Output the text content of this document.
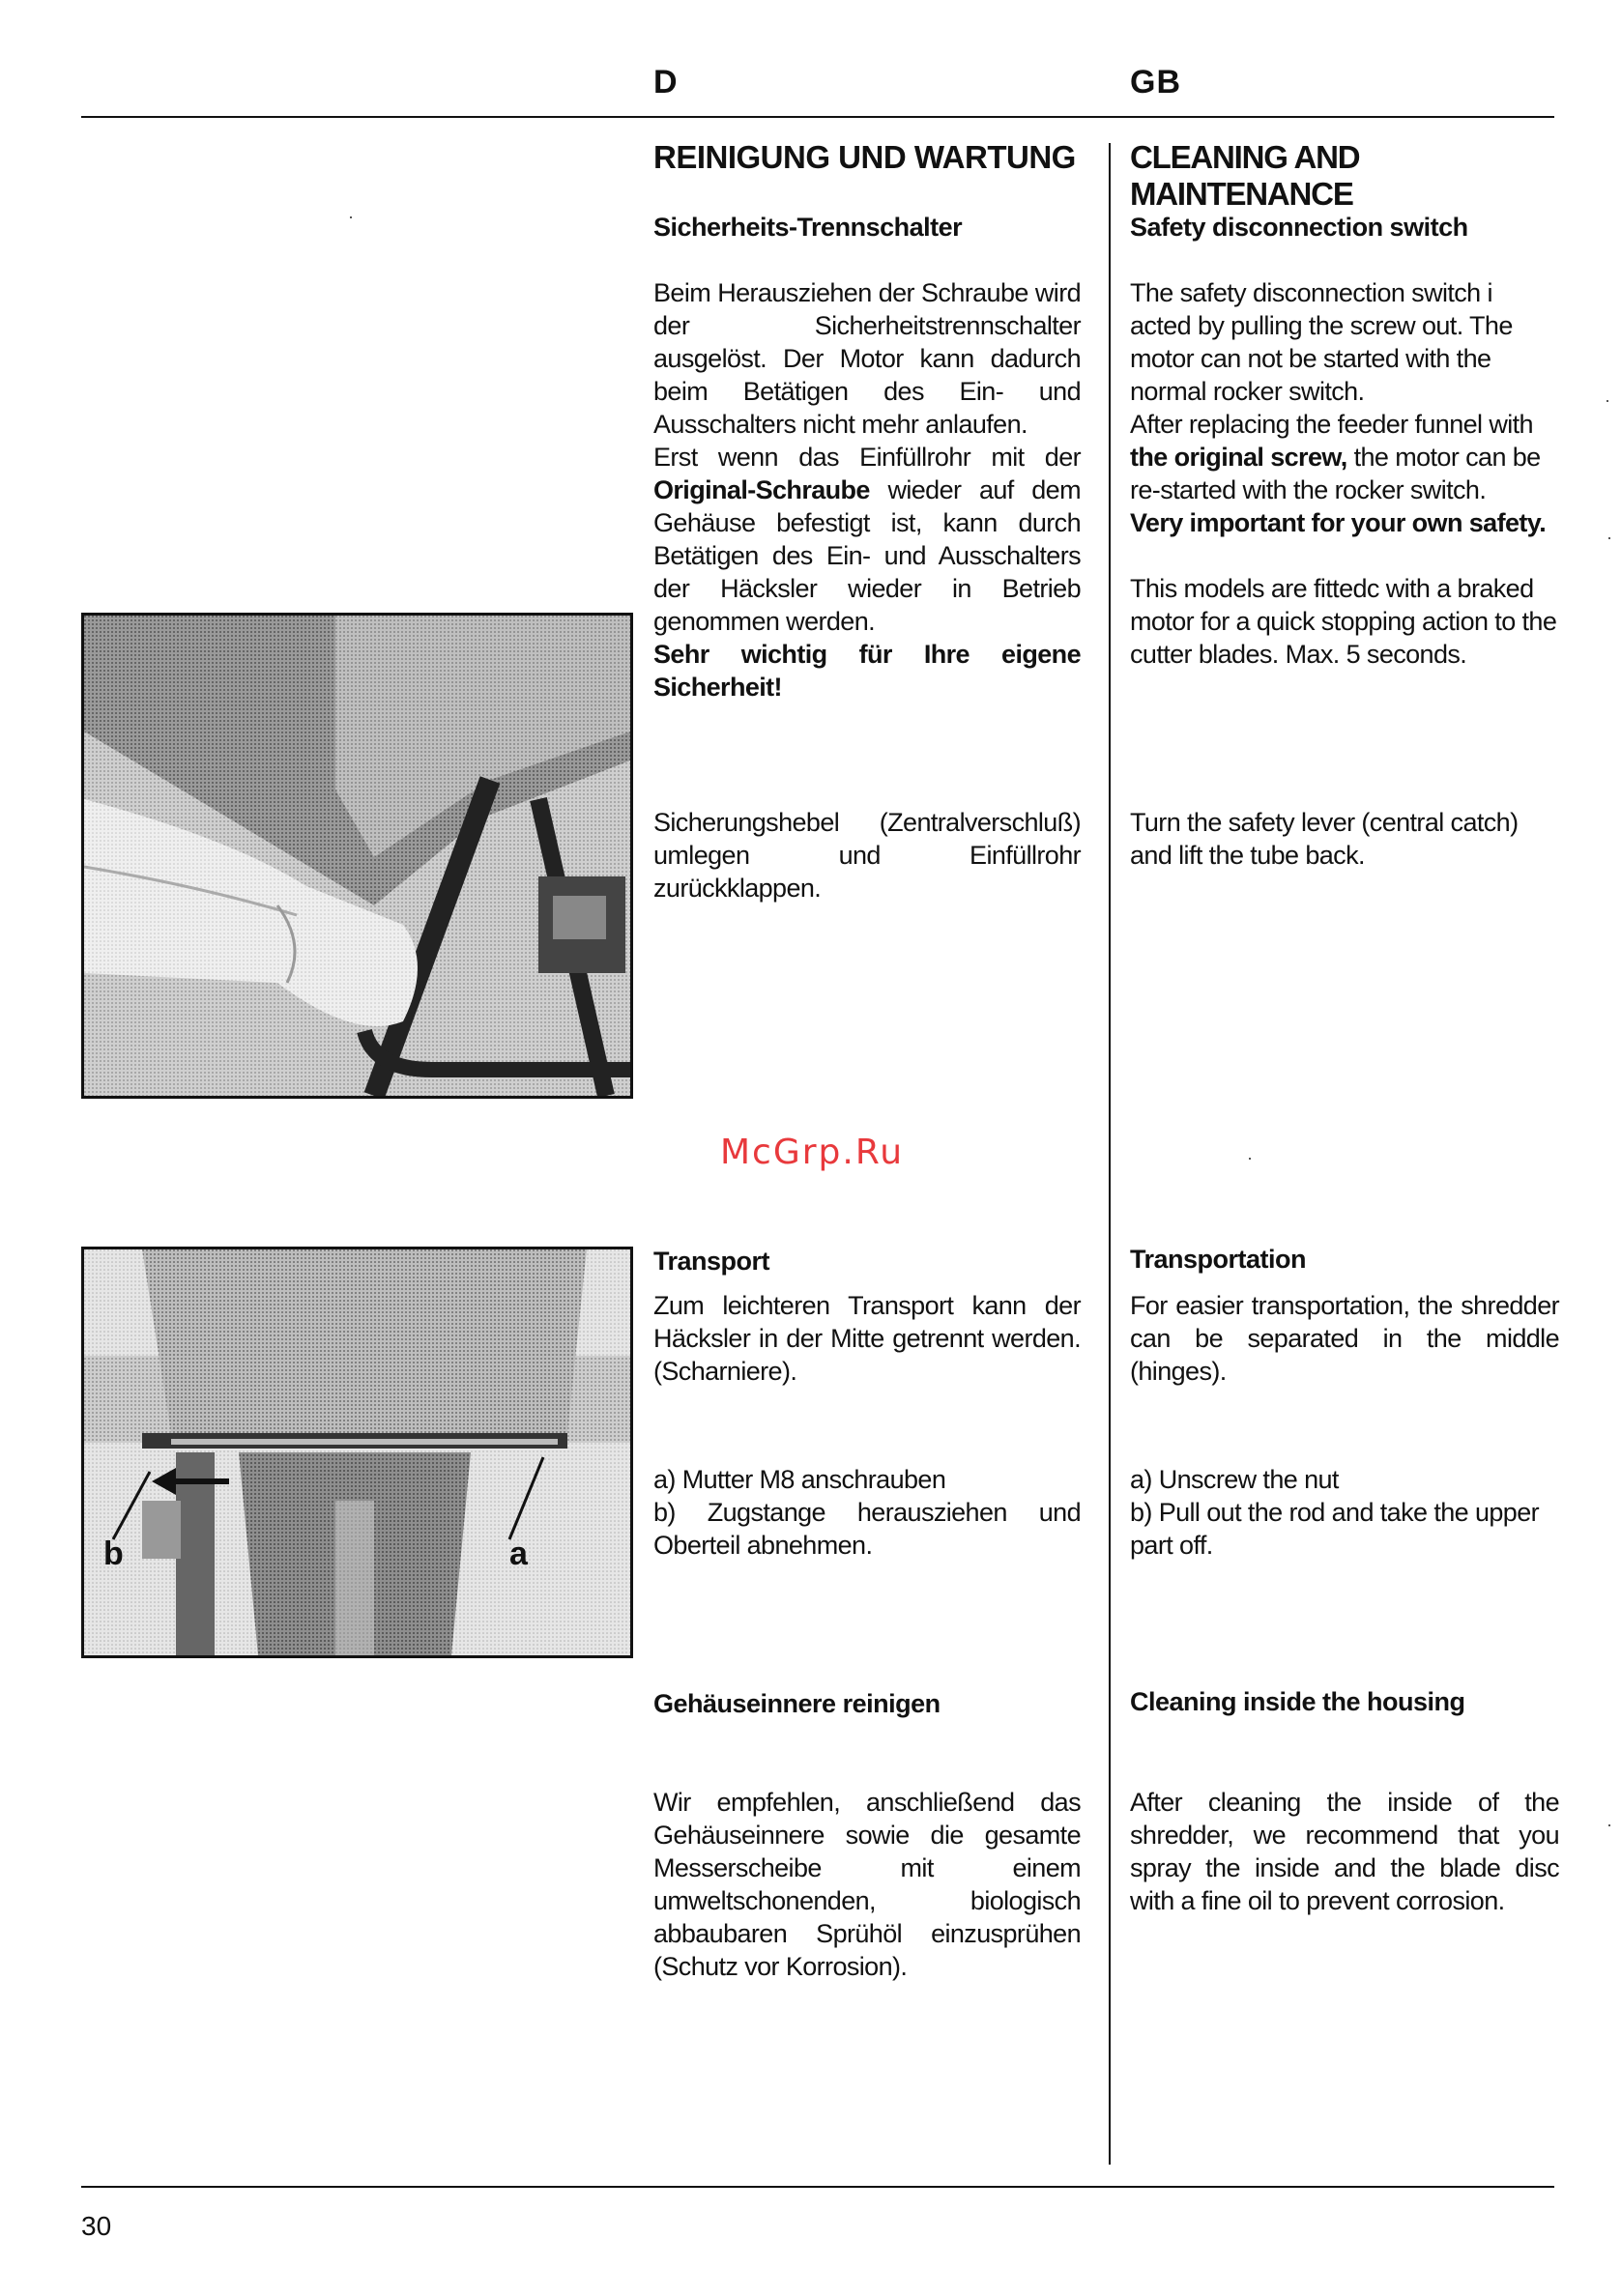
D	GB
REINIGUNG UND WARTUNG
Sicherheits-Trennschalter

Beim Herausziehen der Schraube wird der Sicherheitstrennschalter ausgelöst. Der Motor kann dadurch beim Betätigen des Ein- und Ausschalters nicht mehr anlaufen.

Erst wenn das Einfüllrohr mit der Original-Schraube wieder auf dem Gehäuse befestigt ist, kann durch Betätigen des Ein- und Ausschalters der Häcksler wieder in Betrieb genommen werden.

Sehr wichtig für Ihre eigene Sicherheit!

Sicherungshebel (Zentralverschluß) umlegen und Einfüllrohr zurückklappen.
Transport
Zum leichteren Transport kann der Häcksler in der Mitte getrennt werden. (Scharniere).

a) Mutter M8 anschrauben

b) Zugstange herausziehen und Oberteil abnehmen.

Gehäuseinnere reinigen
Wir empfehlen, anschließend das Gehäuseinnere sowie die gesamte Messerscheibe mit einem umweltschonenden, biologisch abbaubaren Sprühöl einzusprühen (Schutz vor Korrosion).
CLEANING AND MAINTENANCE
Safety disconnection switch

The safety disconnection switch i acted by pulling the screw out. The motor can not be started with the normal rocker switch.

After replacing the feeder funnel with the original screw, the motor can be re-started with the rocker switch.

Very important for your own safety.

This models are fittedc with a braked motor for a quick stopping action to the cutter blades. Max. 5 seconds.

Turn the safety lever (central catch) and lift the tube back.
Transportation
For easier transportation, the shredder can be separated in the middle (hinges).

a) Unscrew the nut

b) Pull out the rod and take the upper part off.

Cleaning inside the housing
After cleaning the inside of the shredder, we recommend that you spray the inside and the blade disc with a fine oil to prevent corrosion.
b	a
McGrp.Ru
30
